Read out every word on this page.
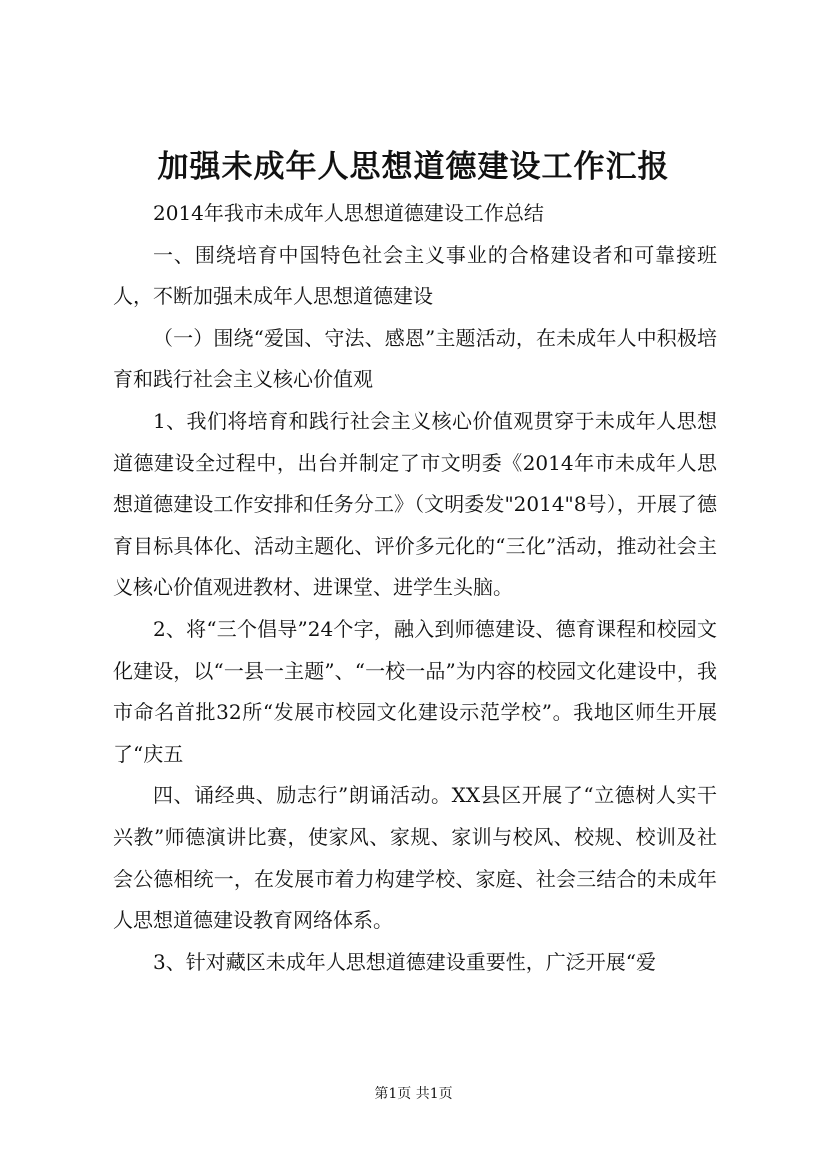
加强未成年人思想道德建设工作汇报

2014年我市未成年人思想道德建设工作总结

一、围绕培育中国特色社会主义事业的合格建设者和可靠接班人，不断加强未成年人思想道德建设

（一）围绕“爱国、守法、感恩”主题活动，在未成年人中积极培育和践行社会主义核心价值观

1、我们将培育和践行社会主义核心价值观贯穿于未成年人思想道德建设全过程中，出台并制定了市文明委《2014年市未成年人思想道德建设工作安排和任务分工》（文明委发"2014"8号），开展了德育目标具体化、活动主题化、评价多元化的“三化”活动，推动社会主义核心价值观进教材、进课堂、进学生头脑。

2、将“三个倡导”24个字，融入到师德建设、德育课程和校园文化建设，以“一县一主题”、“一校一品”为内容的校园文化建设中，我市命名首批32所“发展市校园文化建设示范学校”。我地区师生开展了“庆五

四、诵经典、励志行”朗诵活动。XX县区开展了“立德树人实干兴教”师德演讲比赛，使家风、家规、家训与校风、校规、校训及社会公德相统一，在发展市着力构建学校、家庭、社会三结合的未成年人思想道德建设教育网络体系。

3、针对藏区未成年人思想道德建设重要性，广泛开展“爱

第1页 共1页
